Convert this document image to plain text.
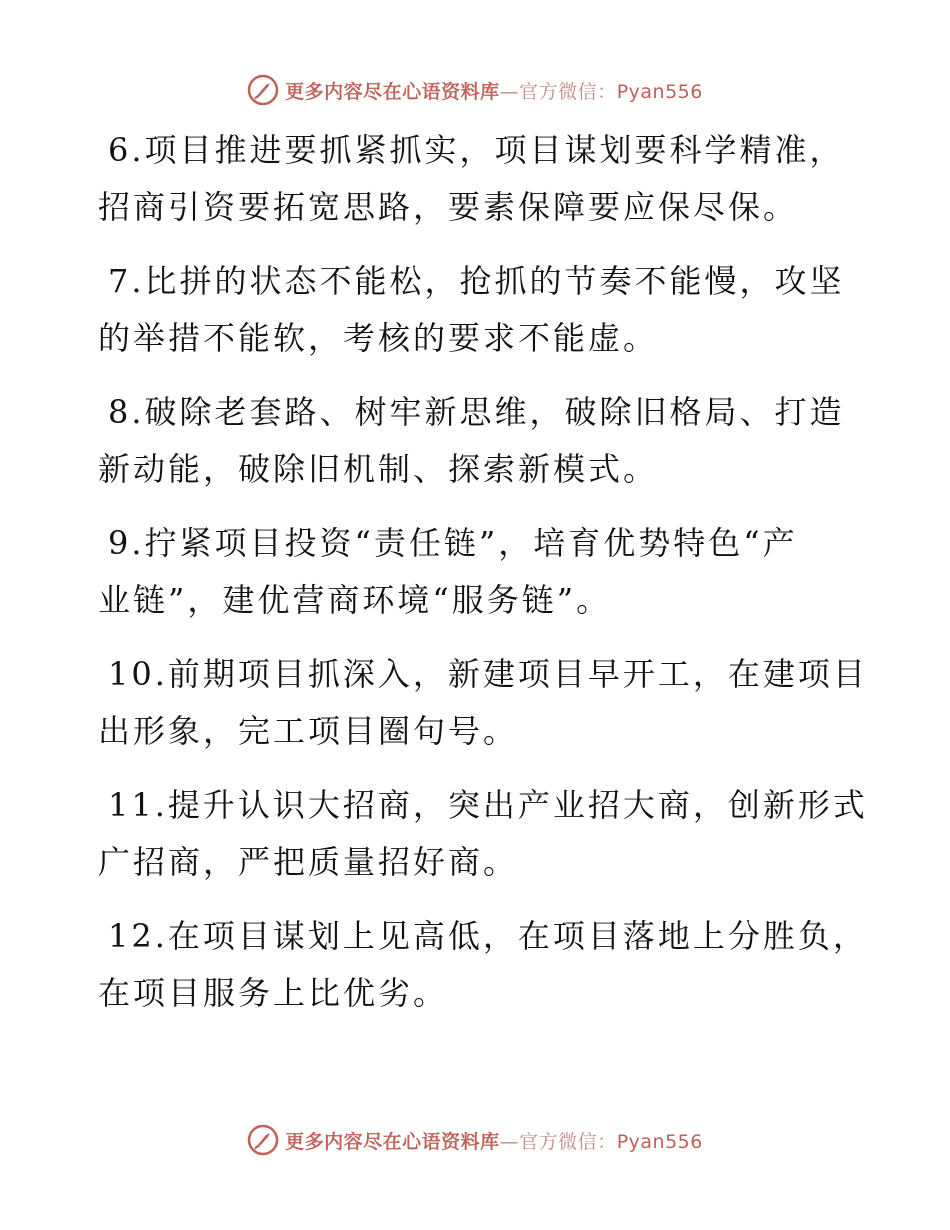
更多内容尽在心语资料库—官方微信：Pyan556

6.项目推进要抓紧抓实，项目谋划要科学精准，
招商引资要拓宽思路，要素保障要应保尽保。

7.比拼的状态不能松，抢抓的节奏不能慢，攻坚
的举措不能软，考核的要求不能虚。

8.破除老套路、树牢新思维，破除旧格局、打造
新动能，破除旧机制、探索新模式。

9.拧紧项目投资“责任链”，培育优势特色“产
业链”，建优营商环境“服务链”。

10.前期项目抓深入，新建项目早开工，在建项目
出形象，完工项目圈句号。

11.提升认识大招商，突出产业招大商，创新形式
广招商，严把质量招好商。

12.在项目谋划上见高低，在项目落地上分胜负，
在项目服务上比优劣。

更多内容尽在心语资料库—官方微信：Pyan556
